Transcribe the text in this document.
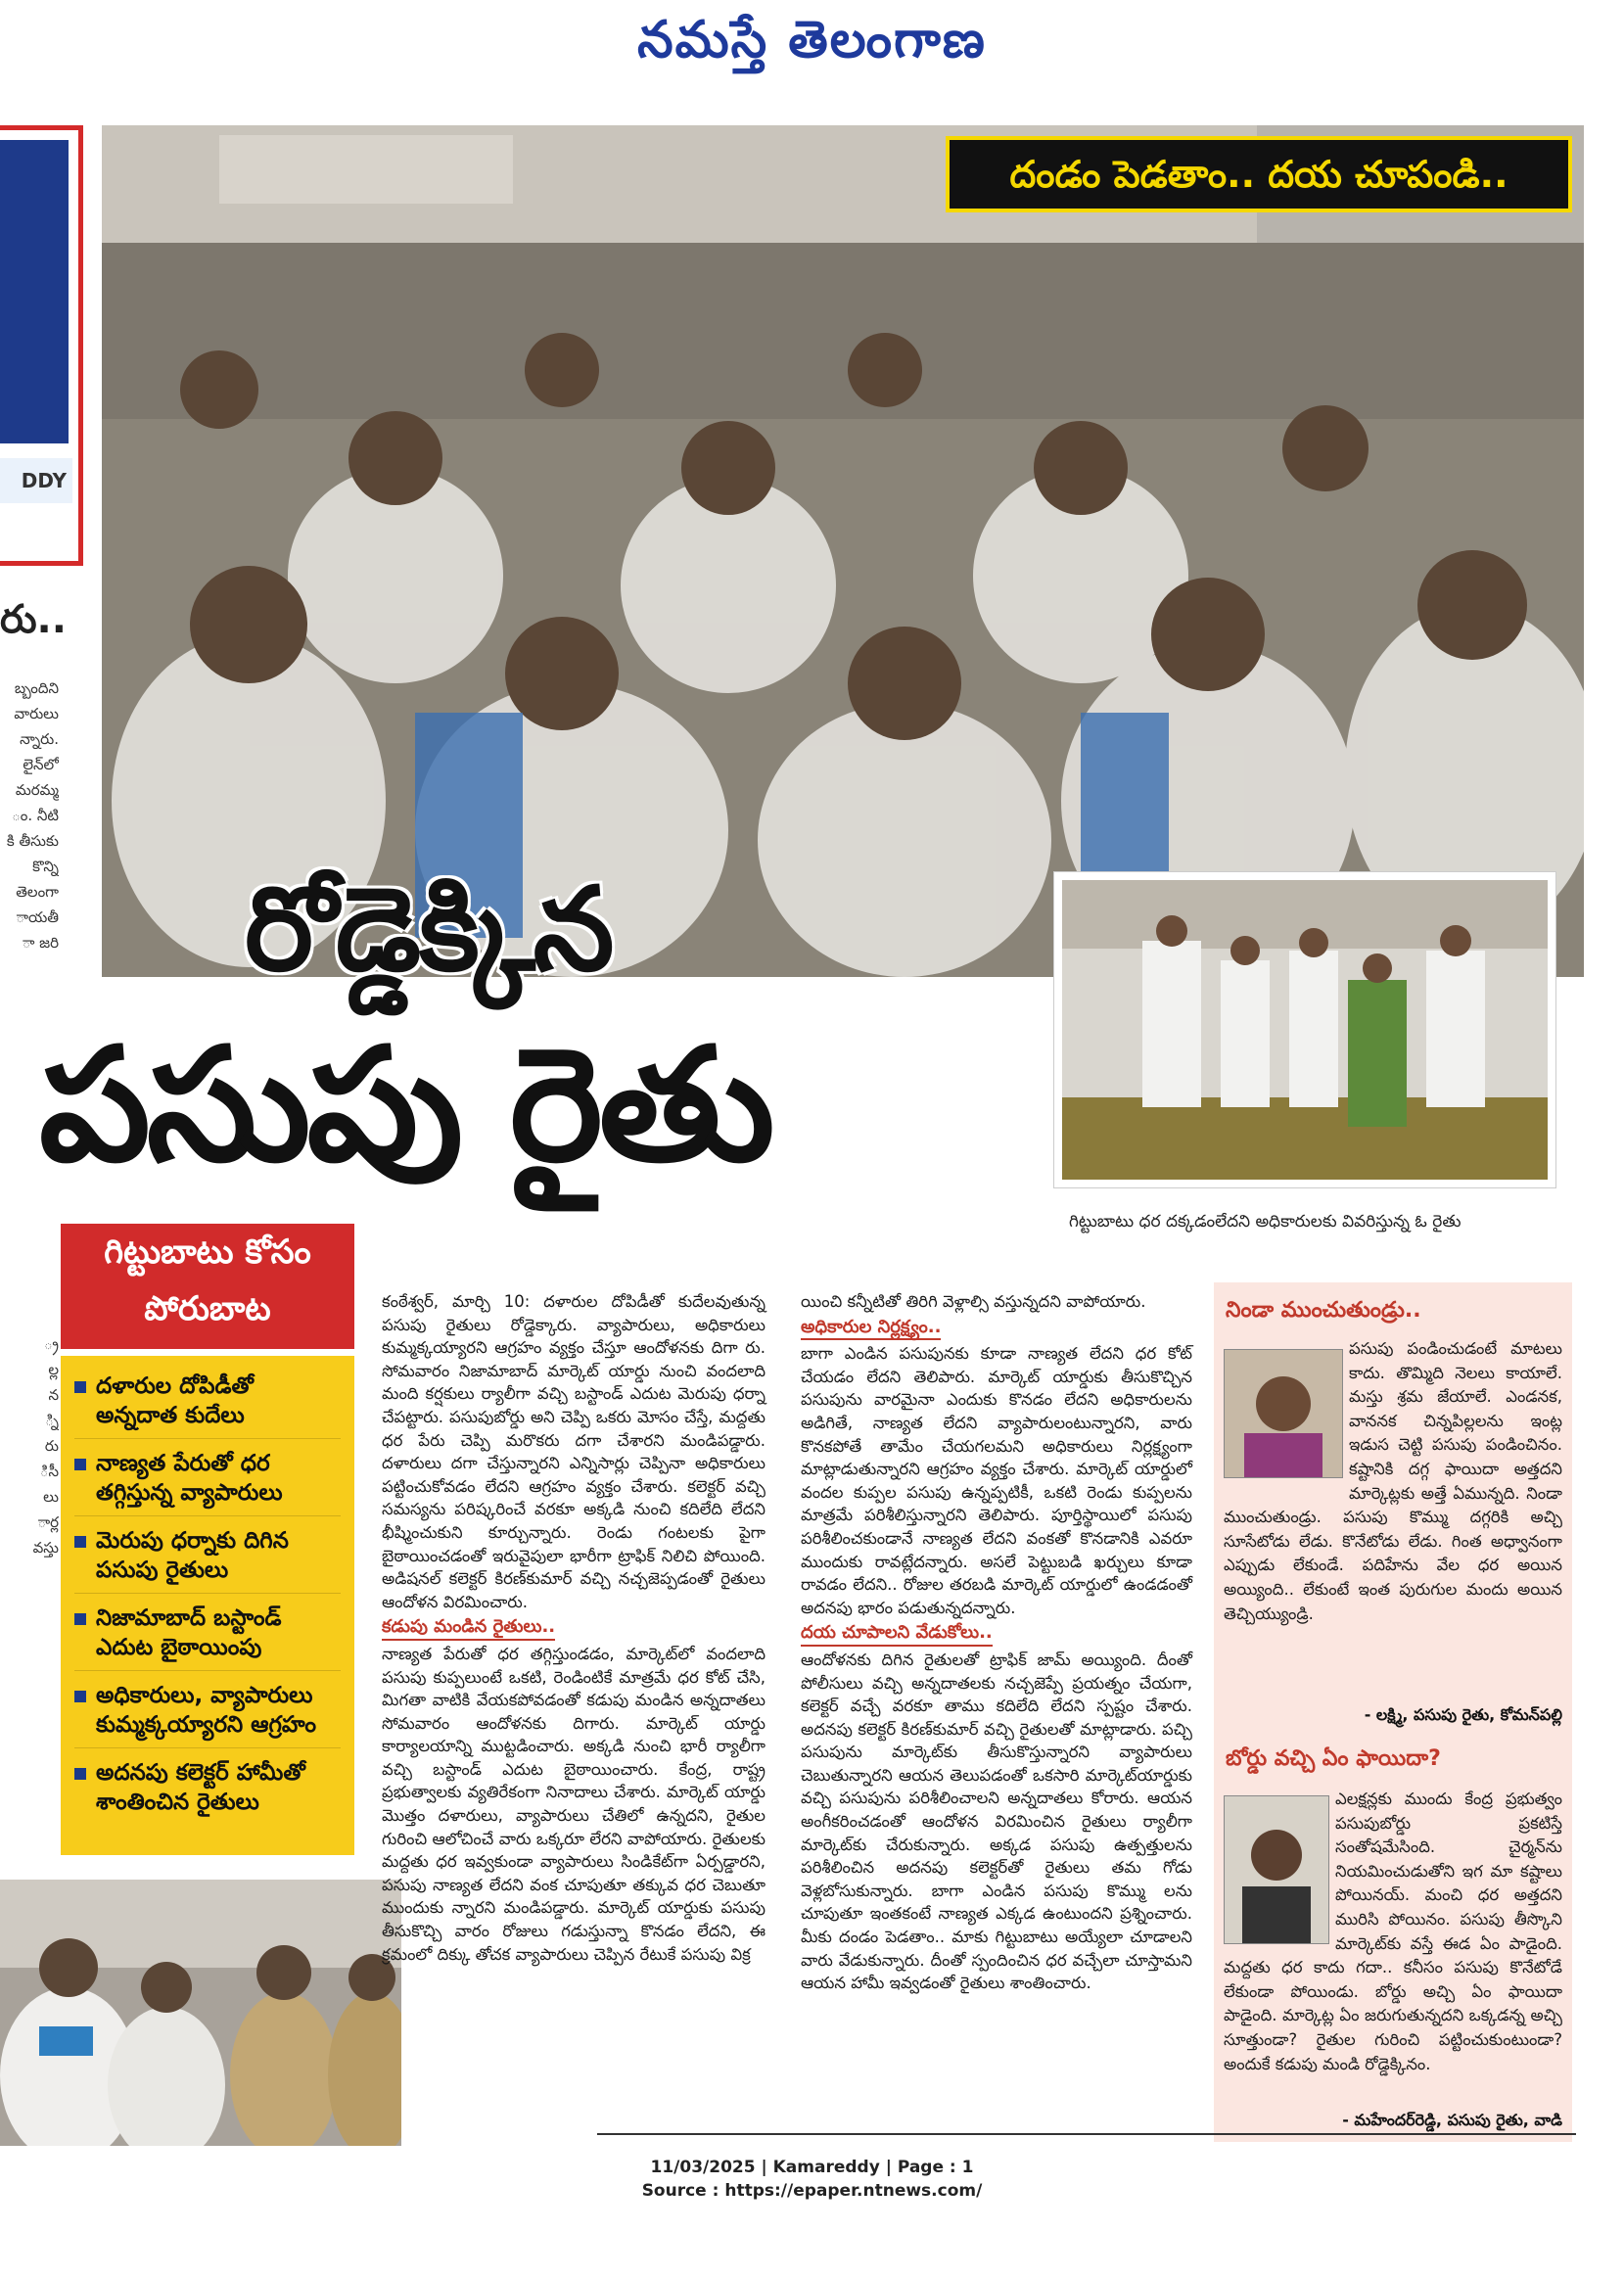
నమస్తే తెలంగాణ
DDY
రు..
బ్బందిని
వారులు
న్నారు.
లైన్‌లో
మరమ్మ
ం. నీటి
కి తీసుకు
కొన్ని
తెలంగా
ాయతీ
ా జరి
్ర
ల్ల
న
్ని
రు
ిసీ
లు
ార్ల
వస్తు
దండం పెడతాం.. దయ చూపండి..
రోడ్డెక్కిన
పసుపు రైతు
గిట్టుబాటు ధర దక్కడంలేదని అధికారులకు వివరిస్తున్న ఓ రైతు
గిట్టుబాటు కోసం
పోరుబాట
దళారుల దోపిడీతో అన్నదాత కుదేలు
నాణ్యత పేరుతో ధర తగ్గిస్తున్న వ్యాపారులు
మెరుపు ధర్నాకు దిగిన పసుపు రైతులు
నిజామాబాద్ బస్టాండ్ ఎదుట బైఠాయింపు
అధికారులు, వ్యాపారులు కుమ్మక్కయ్యారని ఆగ్రహం
అదనపు కలెక్టర్ హామీతో శాంతించిన రైతులు

కంఠేశ్వర్, మార్చి 10: దళారుల దోపిడీతో కుదేలవుతున్న పసుపు రైతులు రోడ్డెక్కారు. వ్యాపారులు, అధికారులు కుమ్మక్కయ్యారని ఆగ్రహం వ్యక్తం చేస్తూ ఆందోళనకు దిగా రు. సోమవారం నిజామాబాద్ మార్కెట్ యార్డు నుంచి వందలాది మంది కర్షకులు ర్యాలీగా వచ్చి బస్టాండ్ ఎదుట మెరుపు ధర్నా చేపట్టారు. పసుపుబోర్డు అని చెప్పి ఒకరు మోసం చేస్తే, మద్దతు ధర పేరు చెప్పి మరొకరు దగా చేశారని మండిపడ్డారు. దళారులు దగా చేస్తున్నారని ఎన్నిసార్లు చెప్పినా అధికారులు పట్టించుకోవడం లేదని ఆగ్రహం వ్యక్తం చేశారు. కలెక్టర్ వచ్చి సమస్యను పరిష్కరించే వరకూ అక్కడి నుంచి కదిలేది లేదని భీష్మించుకుని కూర్చున్నారు. రెండు గంటలకు పైగా బైఠాయించడంతో ఇరువైపులా భారీగా ట్రాఫిక్ నిలిచి పోయింది. అడిషనల్ కలెక్టర్ కిరణ్‌కుమార్ వచ్చి నచ్చజెప్పడంతో రైతులు ఆందోళన విరమించారు.

కడుపు మండిన రైతులు..

నాణ్యత పేరుతో ధర తగ్గిస్తుండడం, మార్కెట్‌లో వందలాది పసుపు కుప్పలుంటే ఒకటి, రెండింటికే మాత్రమే ధర కోట్ చేసి, మిగతా వాటికి వేయకపోవడంతో కడుపు మండిన అన్నదాతలు సోమవారం ఆందోళనకు దిగారు. మార్కెట్ యార్డు కార్యాలయాన్ని ముట్టడించారు. అక్కడి నుంచి భారీ ర్యాలీగా వచ్చి బస్టాండ్ ఎదుట బైఠాయించారు. కేంద్ర, రాష్ట్ర ప్రభుత్వాలకు వ్యతిరేకంగా నినాదాలు చేశారు. మార్కెట్ యార్డు మొత్తం దళారులు, వ్యాపారులు చేతిలో ఉన్నదని, రైతుల గురించి ఆలోచించే వారు ఒక్కరూ లేరని వాపోయారు. రైతులకు మద్దతు ధర ఇవ్వకుండా వ్యాపారులు సిండికేట్‌గా ఏర్పడ్డారని, పసుపు నాణ్యత లేదని వంక చూపుతూ తక్కువ ధర చెబుతూ ముందుకు న్నారని మండిపడ్డారు. మార్కెట్ యార్డుకు పసుపు తీసుకొచ్చి వారం రోజులు గడుస్తున్నా కొనడం లేదని, ఈ క్రమంలో దిక్కు తోచక వ్యాపారులు చెప్పిన రేటుకే పసుపు విక్ర

యించి కన్నీటితో తిరిగి వెళ్లాల్సి వస్తున్నదని వాపోయారు.

అధికారుల నిర్లక్ష్యం..

బాగా ఎండిన పసుపునకు కూడా నాణ్యత లేదని ధర కోట్ చేయడం లేదని తెలిపారు. మార్కెట్ యార్డుకు తీసుకొచ్చిన పసుపును వారమైనా ఎందుకు కొనడం లేదని అధికారులను అడిగితే, నాణ్యత లేదని వ్యాపారులంటున్నారని, వారు కొనకపోతే తామేం చేయగలమని అధికారులు నిర్లక్ష్యంగా మాట్లాడుతున్నారని ఆగ్రహం వ్యక్తం చేశారు. మార్కెట్ యార్డులో వందల కుప్పల పసుపు ఉన్నప్పటికీ, ఒకటి రెండు కుప్పలను మాత్రమే పరిశీలిస్తున్నారని తెలిపారు. పూర్తిస్థాయిలో పసుపు పరిశీలించకుండానే నాణ్యత లేదని వంకతో కొనడానికి ఎవరూ ముందుకు రావట్లేదన్నారు. అసలే పెట్టుబడి ఖర్చులు కూడా రావడం లేదని.. రోజుల తరబడి మార్కెట్ యార్డులో ఉండడంతో అదనపు భారం పడుతున్నదన్నారు.

దయ చూపాలని వేడుకోలు..

ఆందోళనకు దిగిన రైతులతో ట్రాఫిక్ జామ్ అయ్యింది. దీంతో పోలీసులు వచ్చి అన్నదాతలకు నచ్చజెప్పే ప్రయత్నం చేయగా, కలెక్టర్ వచ్చే వరకూ తాము కదిలేది లేదని స్పష్టం చేశారు. అదనపు కలెక్టర్ కిరణ్‌కుమార్ వచ్చి రైతులతో మాట్లాడారు. పచ్చి పసుపును మార్కెట్‌కు తీసుకొస్తున్నారని వ్యాపారులు చెబుతున్నారని ఆయన తెలుపడంతో ఒకసారి మార్కెట్‌యార్డుకు వచ్చి పసుపును పరిశీలించాలని అన్నదాతలు కోరారు. ఆయన అంగీకరించడంతో ఆందోళన విరమించిన రైతులు ర్యాలీగా మార్కెట్‌కు చేరుకున్నారు. అక్కడ పసుపు ఉత్పత్తులను పరిశీలించిన అదనపు కలెక్టర్‌తో రైతులు తమ గోడు వెళ్లబోసుకున్నారు. బాగా ఎండిన పసుపు కొమ్ము లను చూపుతూ ఇంతకంటే నాణ్యత ఎక్కడ ఉంటుందని ప్రశ్నించారు. మీకు దండం పెడతాం.. మాకు గిట్టుబాటు అయ్యేలా చూడాలని వారు వేడుకున్నారు. దీంతో స్పందించిన ధర వచ్చేలా చూస్తామని ఆయన హామీ ఇవ్వడంతో రైతులు శాంతించారు.

నిండా ముంచుతుండ్రు..
పసుపు పండించుడంటే మాటలు కాదు. తొమ్మిది నెలలు కాయాలే. మస్తు శ్రమ జేయాలే. ఎండనక, వాననక చిన్నపిల్లలను ఇంట్ల ఇడుస చెట్టి పసుపు పండించినం. కష్టానికి దగ్గ ఫాయిదా అత్తదని మార్కెట్లకు అత్తే ఏమున్నది. నిండా ముంచుతుండ్రు. పసుపు కొమ్ము దగ్గరికి అచ్చి సూసేటోడు లేడు. కొనేటోడు లేడు. గింత అధ్వానంగా ఎప్పుడు లేకుండే. పదిహేను వేల ధర అయిన అయ్యింది.. లేకుంటే ఇంత పురుగుల మందు అయిన తెచ్చియ్యుండ్రి.
- లక్ష్మి, పసుపు రైతు, కోమన్‌పల్లి
బోర్డు వచ్చి ఏం ఫాయిదా?
ఎలక్షన్లకు ముందు కేంద్ర ప్రభుత్వం పసుపుబోర్డు ప్రకటిస్తే సంతోషమేసింది. చైర్మన్‌ను నియమించుడుతోని ఇగ మా కష్టాలు పోయినయ్. మంచి ధర అత్తదని మురిసి పోయినం. పసుపు తీస్కొని మార్కెట్‌కు వస్తే ఈడ ఏం పాడైంది. మద్దతు ధర కాదు గదా.. కనీసం పసుపు కొనేటోడే లేకుండా పోయిండు. బోర్డు అచ్చి ఏం ఫాయిదా పాడైంది. మార్కెట్ల ఏం జరుగుతున్నదని ఒక్కడన్న అచ్చి సూత్తుండా? రైతుల గురించి పట్టించుకుంటుండా? అందుకే కడుపు మండి రోడ్డెక్కినం.
- మహేందర్‌రెడ్డి, పసుపు రైతు, వాడి
11/03/2025 | Kamareddy | Page : 1
Source : https://epaper.ntnews.com/
